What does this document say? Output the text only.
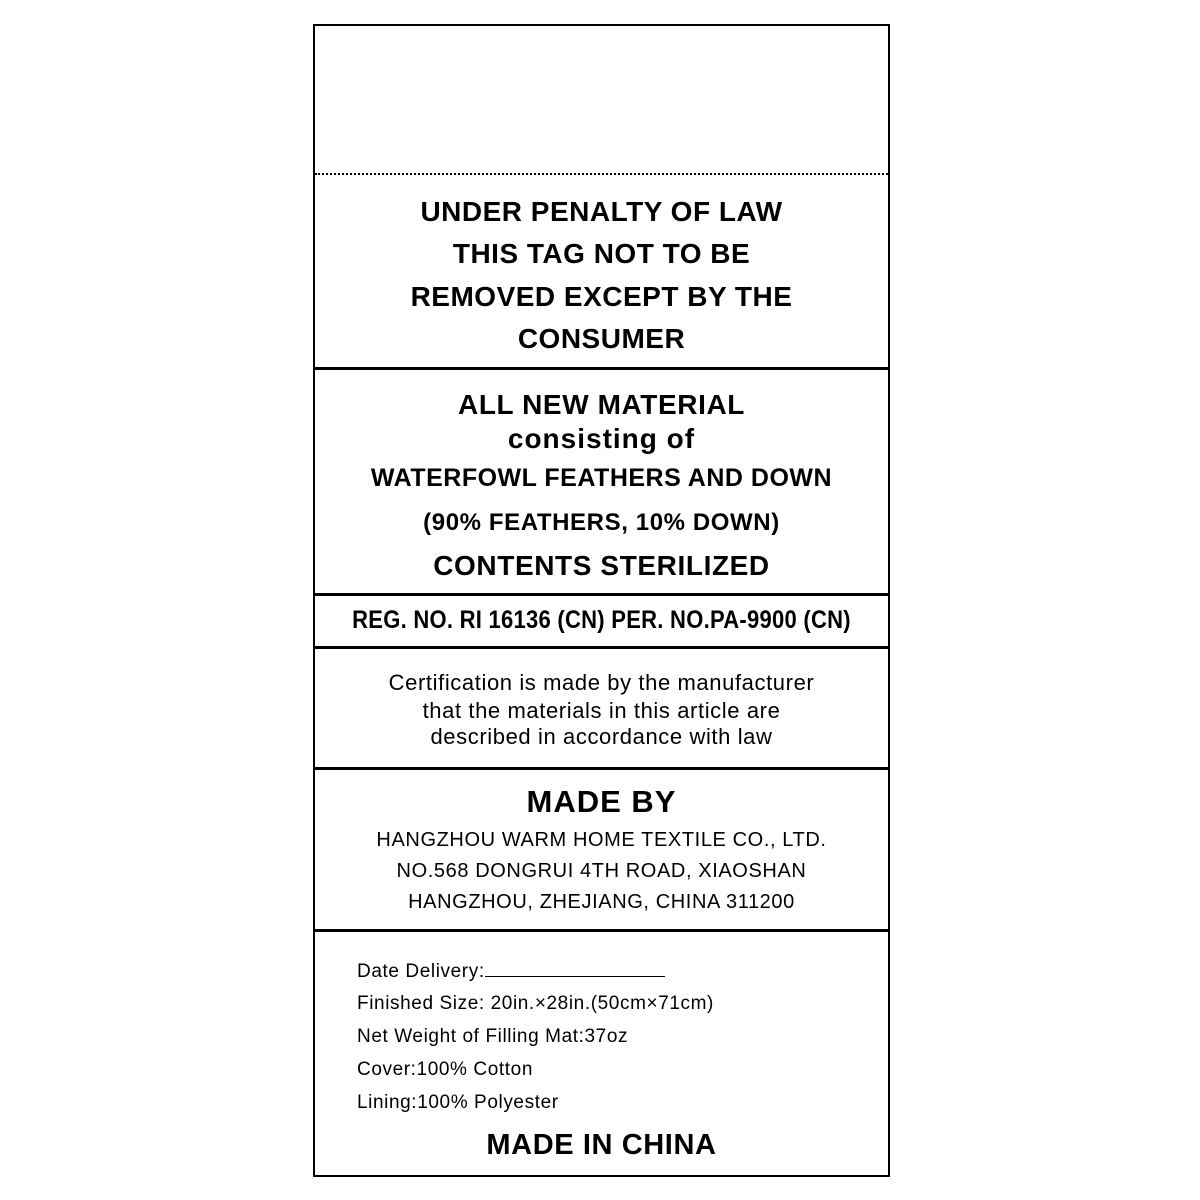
UNDER PENALTY OF LAW
THIS TAG NOT TO BE
REMOVED EXCEPT BY THE
CONSUMER
ALL NEW MATERIAL
consisting of
WATERFOWL FEATHERS AND DOWN
(90% FEATHERS, 10% DOWN)
CONTENTS STERILIZED
REG. NO. RI 16136 (CN) PER. NO.PA-9900 (CN)
Certification is made by the manufacturer
that the materials in this article are
described in accordance with law
MADE BY
HANGZHOU WARM HOME TEXTILE CO., LTD.
NO.568 DONGRUI 4TH ROAD, XIAOSHAN
HANGZHOU, ZHEJIANG, CHINA 311200
Date Delivery:
Finished Size: 20in.×28in.(50cm×71cm)
Net Weight of Filling Mat:37oz
Cover:100% Cotton
Lining:100% Polyester
MADE IN CHINA
